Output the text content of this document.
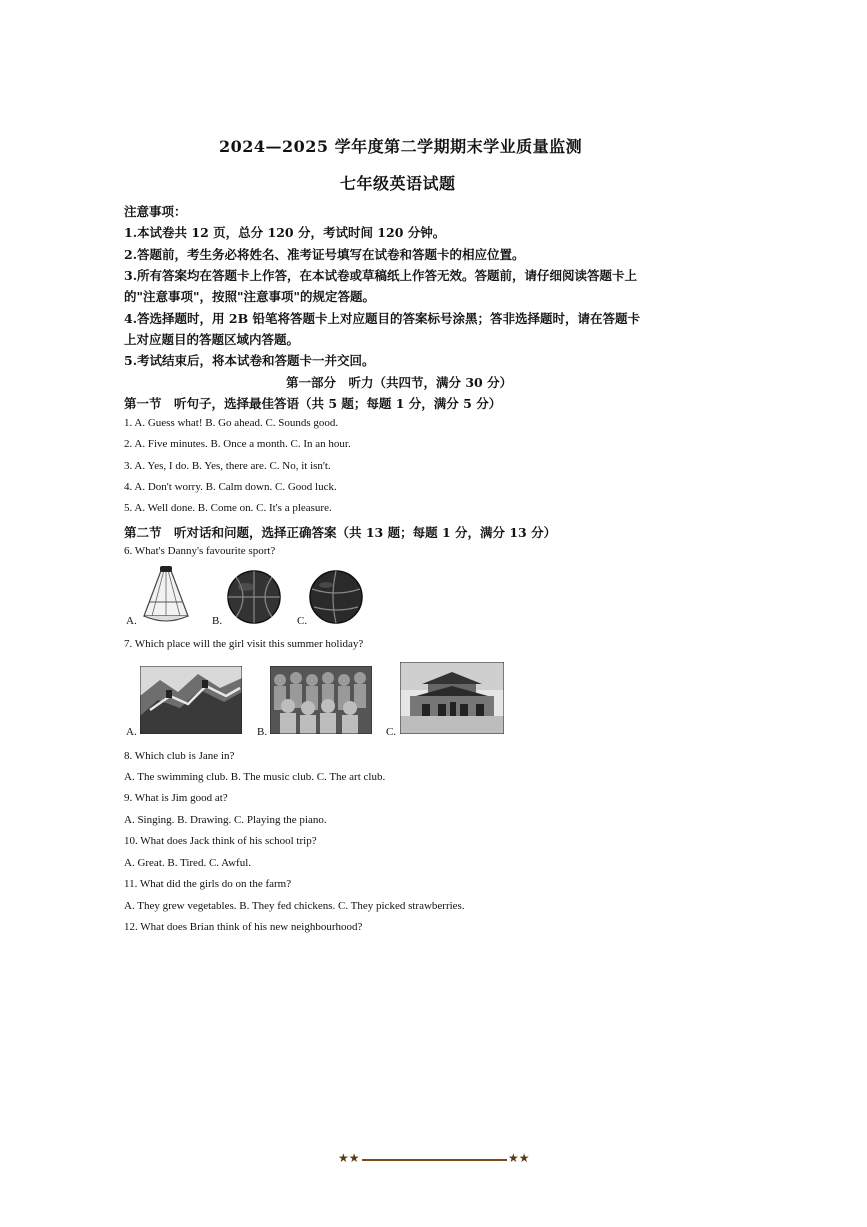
2024—2025 学年度第二学期期末学业质量监测
七年级英语试题
注意事项：
1.本试卷共 12 页，总分 120 分，考试时间 120 分钟。
2.答题前，考生务必将姓名、准考证号填写在试卷和答题卡的相应位置。
3.所有答案均在答题卡上作答，在本试卷或草稿纸上作答无效。答题前，请仔细阅读答题卡上
的"注意事项"，按照"注意事项"的规定答题。
4.答选择题时，用 2B 铅笔将答题卡上对应题目的答案标号涂黑；答非选择题时，请在答题卡
上对应题目的答题区域内答题。
5.考试结束后，将本试卷和答题卡一并交回。
第一部分　听力（共四节，满分 30 分）
第一节　听句子，选择最佳答语（共 5 题；每题 1 分，满分 5 分）
1. A. Guess what! B. Go ahead. C. Sounds good.
2. A. Five minutes. B. Once a month. C. In an hour.
3. A. Yes, I do. B. Yes, there are. C. No, it isn't.
4. A. Don't worry. B. Calm down. C. Good luck.
5. A. Well done. B. Come on. C. It's a pleasure.
第二节　听对话和问题，选择正确答案（共 13 题；每题 1 分，满分 13 分）
6. What's Danny's favourite sport?
A.	B.	C.
7. Which place will the girl visit this summer holiday?
A.	B.	C.
8. Which club is Jane in?
A. The swimming club. B. The music club. C. The art club.
9. What is Jim good at?
A. Singing. B. Drawing. C. Playing the piano.
10. What does Jack think of his school trip?
A. Great. B. Tired. C. Awful.
11. What did the girls do on the farm?
A. They grew vegetables. B. They fed chickens. C. They picked strawberries.
12. What does Brian think of his new neighbourhood?
★★	★★
